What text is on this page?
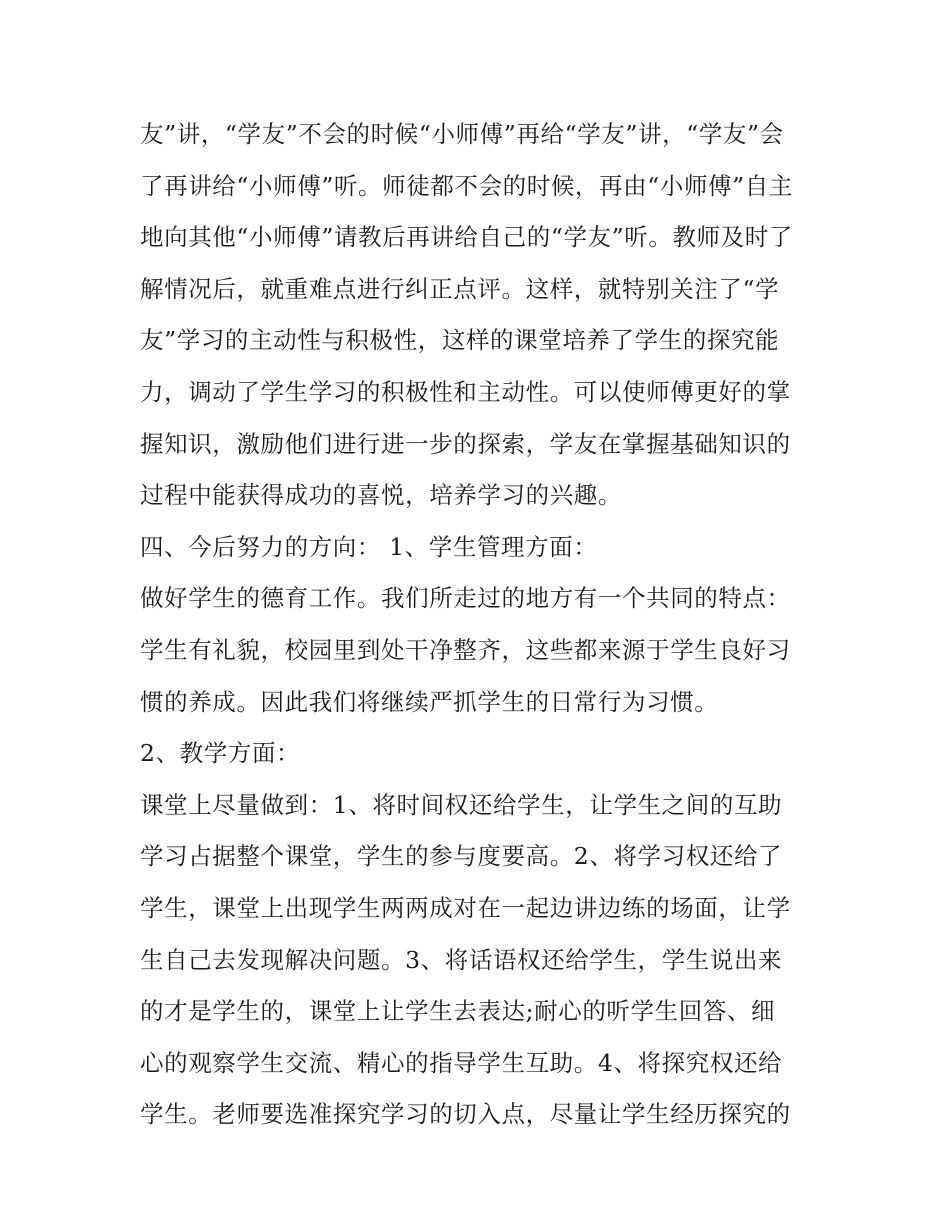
友”讲，“学友”不会的时候“小师傅”再给“学友”讲，“学友”会
了再讲给“小师傅”听。师徒都不会的时候，再由“小师傅”自主
地向其他“小师傅”请教后再讲给自己的“学友”听。教师及时了
解情况后，就重难点进行纠正点评。这样，就特别关注了“学
友”学习的主动性与积极性，这样的课堂培养了学生的探究能
力，调动了学生学习的积极性和主动性。可以使师傅更好的掌
握知识，激励他们进行进一步的探索，学友在掌握基础知识的
过程中能获得成功的喜悦，培养学习的兴趣。
四、今后努力的方向： 1、学生管理方面：
做好学生的德育工作。我们所走过的地方有一个共同的特点：
学生有礼貌，校园里到处干净整齐，这些都来源于学生良好习
惯的养成。因此我们将继续严抓学生的日常行为习惯。
2、教学方面：
课堂上尽量做到：1、将时间权还给学生，让学生之间的互助
学习占据整个课堂，学生的参与度要高。2、将学习权还给了
学生，课堂上出现学生两两成对在一起边讲边练的场面，让学
生自己去发现解决问题。3、将话语权还给学生，学生说出来
的才是学生的，课堂上让学生去表达;耐心的听学生回答、细
心的观察学生交流、精心的指导学生互助。4、将探究权还给
学生。老师要选准探究学习的切入点，尽量让学生经历探究的
